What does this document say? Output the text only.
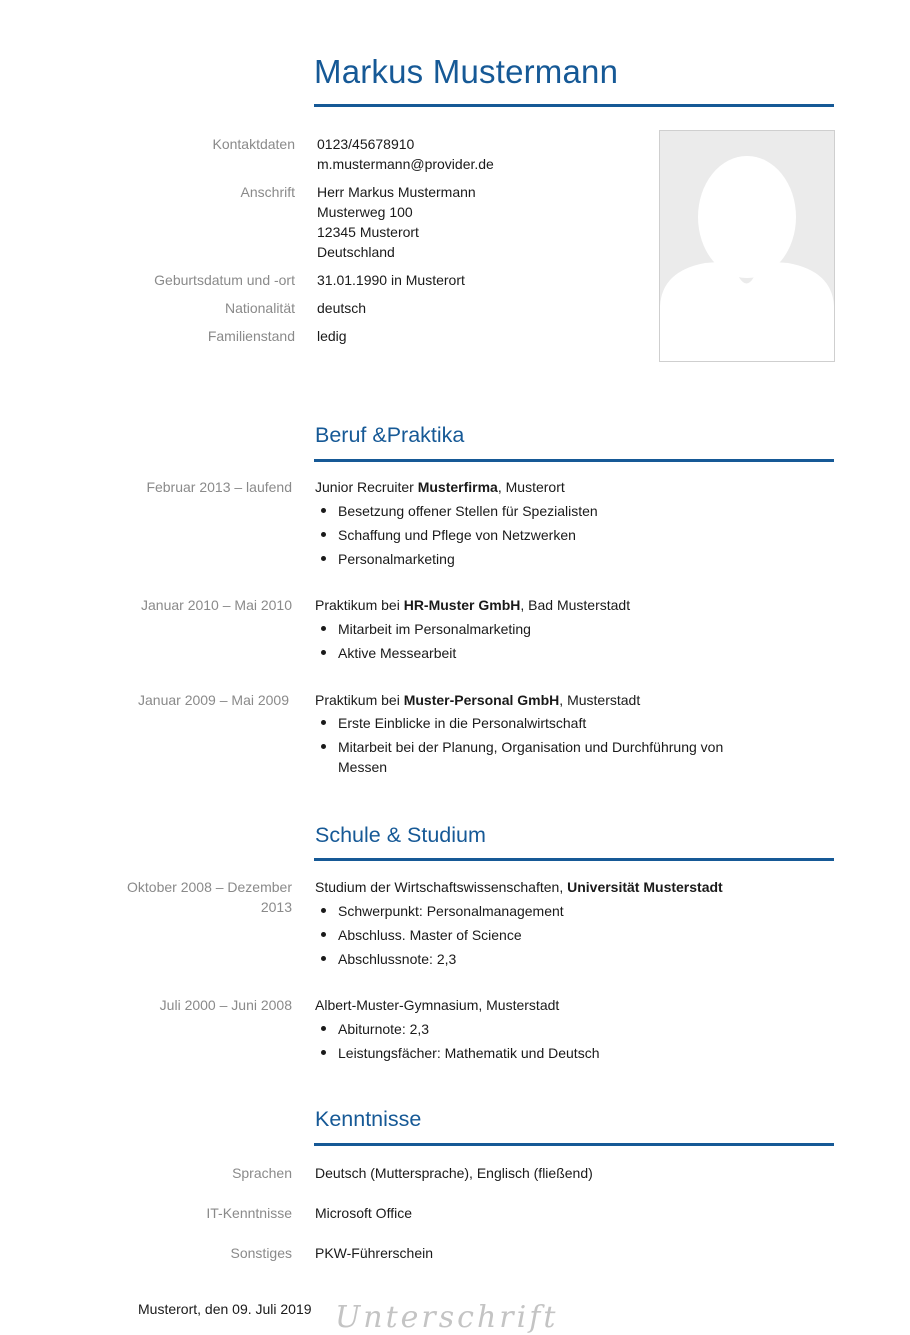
Markus Mustermann
Kontaktdaten 0123/45678910
m.mustermann@provider.de
Anschrift Herr Markus Mustermann
Musterweg 100
12345 Musterort
Deutschland
Geburtsdatum und -ort 31.01.1990 in Musterort
Nationalität deutsch
Familienstand ledig
Beruf &Praktika
Februar 2013 – laufend Junior Recruiter Musterfirma, Musterort
Besetzung offener Stellen für Spezialisten
Schaffung und Pflege von Netzwerken
Personalmarketing
Januar 2010 – Mai 2010 Praktikum bei HR-Muster GmbH, Bad Musterstadt
Mitarbeit im Personalmarketing
Aktive Messearbeit
Januar 2009 – Mai 2009 Praktikum bei Muster-Personal GmbH, Musterstadt
Erste Einblicke in die Personalwirtschaft
Mitarbeit bei der Planung, Organisation und Durchführung von Messen
Schule & Studium
Oktober 2008 – Dezember 2013
Studium der Wirtschaftswissenschaften, Universität Musterstadt
Schwerpunkt: Personalmanagement
Abschluss. Master of Science
Abschlussnote: 2,3
Juli 2000 – Juni 2008 Albert-Muster-Gymnasium, Musterstadt
Abiturnote: 2,3
Leistungsfächer: Mathematik und Deutsch
Kenntnisse
Sprachen Deutsch (Muttersprache), Englisch (fließend)
IT-Kenntnisse Microsoft Office
Sonstiges PKW-Führerschein
Musterort, den 09. Juli 2019 Unterschrift
